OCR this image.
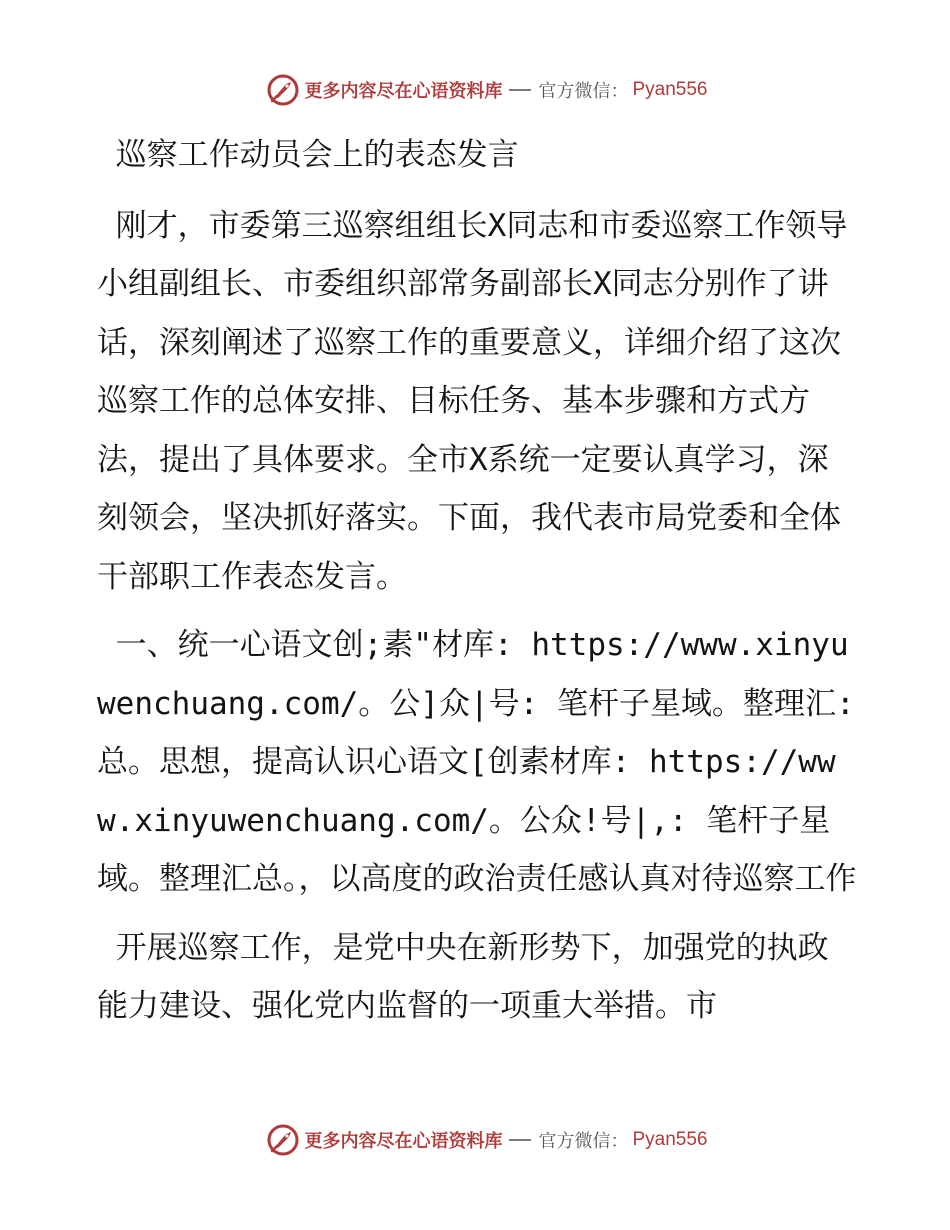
更多内容尽在心语资料库 官方微信： Pyan556

巡察工作动员会上的表态发言

刚才，市委第三巡察组组长X同志和市委巡察工作领导小组副组长、市委组织部常务副部长X同志分别作了讲话，深刻阐述了巡察工作的重要意义，详细介绍了这次巡察工作的总体安排、目标任务、基本步骤和方式方法，提出了具体要求。全市X系统一定要认真学习，深刻领会，坚决抓好落实。下面，我代表市局党委和全体干部职工作表态发言。

一、统一心语文创;素"材库: https://www.xinyuwenchuang.com/。公]众|号: 笔杆子星域。整理汇:总。思想，提高认识心语文[创素材库: https://www.xinyuwenchuang.com/。公众!号|,: 笔杆子星域。整理汇总。，以高度的政治责任感认真对待巡察工作

开展巡察工作，是党中央在新形势下，加强党的执政能力建设、强化党内监督的一项重大举措。市

更多内容尽在心语资料库 官方微信： Pyan556
